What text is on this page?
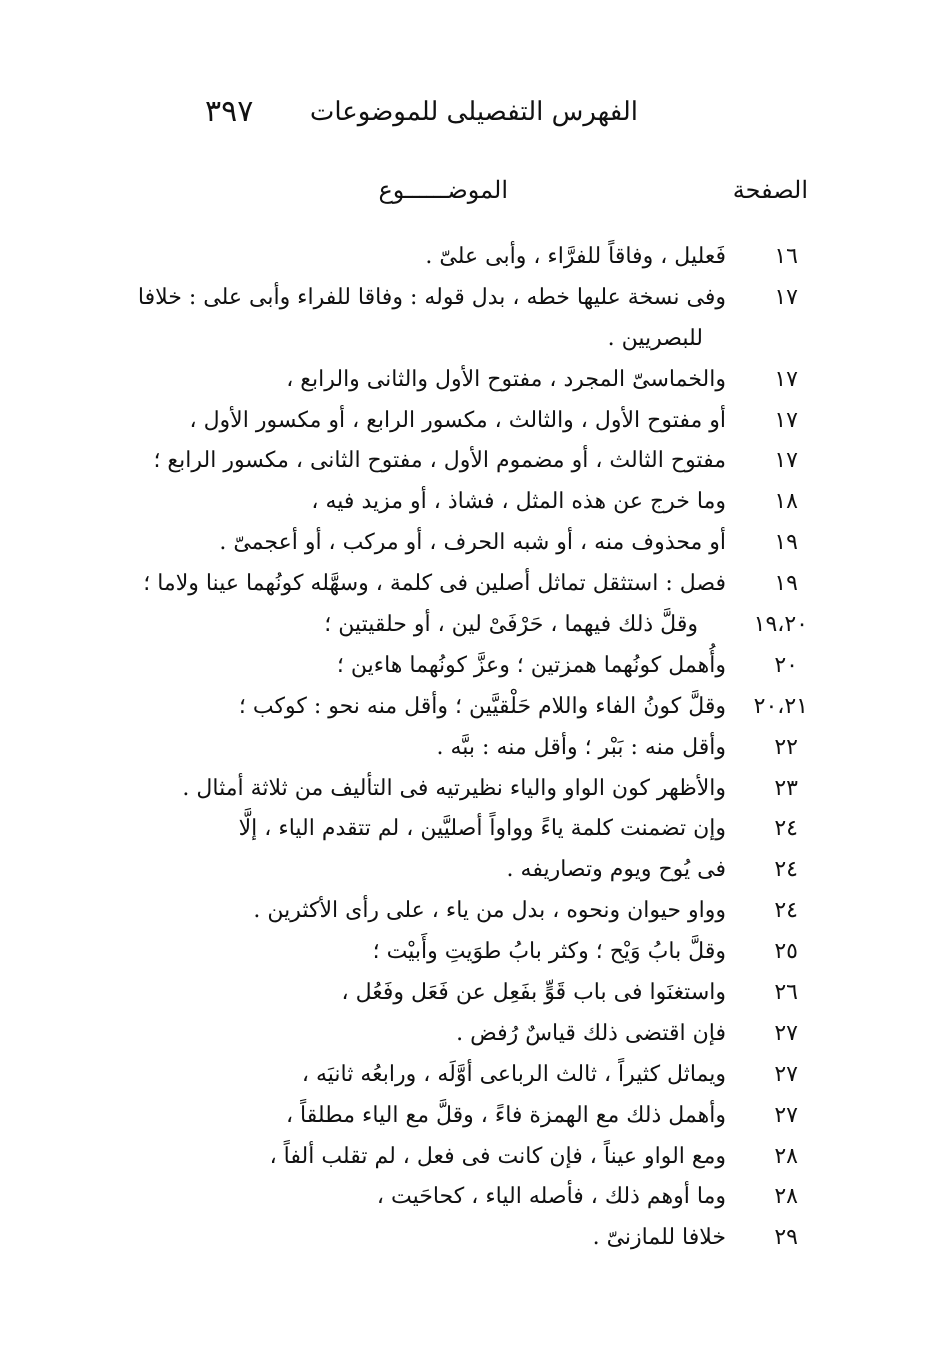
الفهرس التفصيلى للموضوعات
٣٩٧
الصفحة
الموضــــــوع
١٦
فَعليل ، وفاقاً للفرَّاء ، وأبى علىّ .
١٧
وفى نسخة عليها خطه ، بدل قوله : وفاقا للفراء وأبى على : خلافا
للبصريين .
١٧
والخماسىّ المجرد ، مفتوح الأول والثانى والرابع ،
١٧
أو مفتوح الأول ، والثالث ، مكسور الرابع ، أو مكسور الأول ،
١٧
مفتوح الثالث ، أو مضموم الأول ، مفتوح الثانى ، مكسور الرابع ؛
١٨
وما خرج عن هذه المثل ، فشاذ ، أو مزيد فيه ،
١٩
أو محذوف منه ، أو شبه الحرف ، أو مركب ، أو أعجمىّ .
١٩
فصل : استثقل تماثل أصلين فى كلمة ، وسهَّله كونُهما عينا ولاما ؛
١٩،٢٠
وقلَّ ذلك فيهما ، حَرْفَىْ لين ، أو حلقيتين ؛
٢٠
وأُهمل كونُهما همزتين ؛ وعزَّ كونُهما هاءين ؛
٢٠،٢١
وقلَّ كونُ الفاء واللام حَلْقيَّين ؛ وأقل منه نحو : كوكب ؛
٢٢
وأقل منه : بَبْر ؛ وأقل منه : ببَّه .
٢٣
والأظهر كون الواو والياء نظيرتيه فى التأليف من ثلاثة أمثال .
٢٤
وإن تضمنت كلمة ياءً وواواً أصليَّين ، لم تتقدم الياء ، إلَّا
٢٤
فى يُوح ويوم وتصاريفه .
٢٤
وواو حيوان ونحوه ، بدل من ياء ، على رأى الأكثرين .
٢٥
وقلَّ بابُ وَيْح ؛ وكثر بابُ طوَيتِ وأَبيْت ؛
٢٦
واستغنَوا فى باب قَوٍّ بفَعِل عن فَعَل وفَعُل ،
٢٧
فإن اقتضى ذلك قياسٌ رُفض .
٢٧
ويماثل كثيراً ، ثالث الرباعى أوَّلَه ، ورابعُه ثانيَه ،
٢٧
وأهمل ذلك مع الهمزة فاءً ، وقلَّ مع الياء مطلقاً ،
٢٨
ومع الواو عيناً ، فإن كانت فى فعل ، لم تقلب ألفاً ،
٢٨
وما أوهم ذلك ، فأصله الياء ، كحاحَيت ،
٢٩
خلافا للمازنىّ .
